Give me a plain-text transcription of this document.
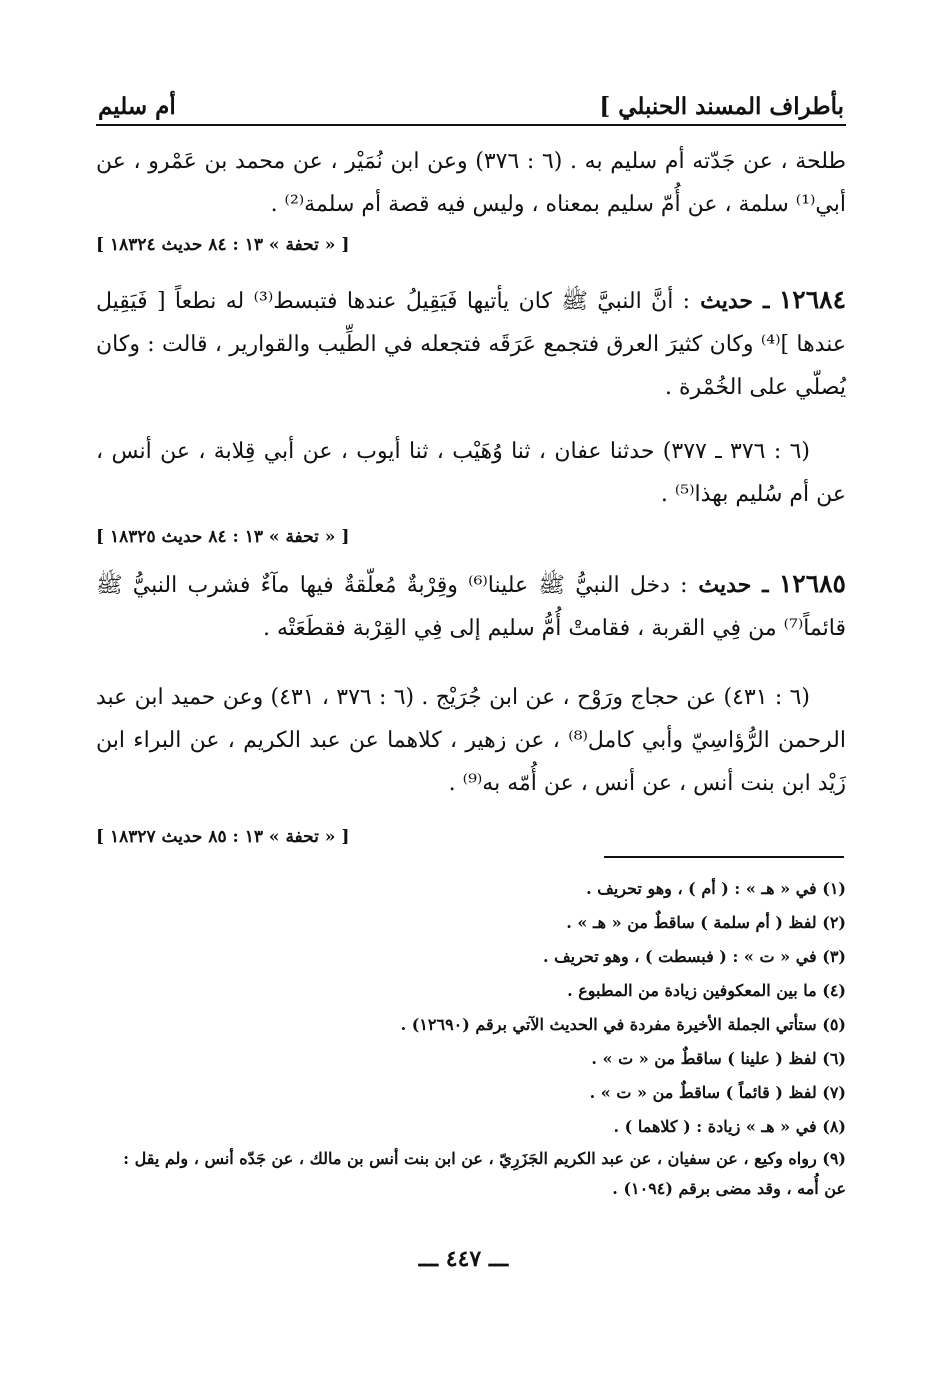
بأطراف المسند الحنبلي ]
أم سليم

طلحة ، عن جَدّته أم سليم به . (٦ : ٣٧٦) وعن ابن نُمَيْر ، عن محمد بن عَمْرو ، عن أبي⁽¹⁾ سلمة ، عن أُمّ سليم بمعناه ، وليس فيه قصة أم سلمة⁽²⁾ .

[ « تحفة » ١٣ : ٨٤ حديث ١٨٣٢٤ ]

١٢٦٨٤ ـ حديث : أنَّ النبيَّ ﷺ كان يأتيها فَيَقِيلُ عندها فتبسط⁽³⁾ له نطعاً [ فَيَقِيل عندها ]⁽⁴⁾ وكان كثيرَ العرق فتجمع عَرَقَه فتجعله في الطِّيب والقوارير ، قالت : وكان يُصلّي على الخُمْرة .

(٦ : ٣٧٦ ـ ٣٧٧) حدثنا عفان ، ثنا وُهَيْب ، ثنا أيوب ، عن أبي قِلابة ، عن أنس ، عن أم سُليم بهذا⁽⁵⁾ .

[ « تحفة » ١٣ : ٨٤ حديث ١٨٣٢٥ ]

١٢٦٨٥ ـ حديث : دخل النبيُّ ﷺ علينا⁽⁶⁾ وقِرْبةٌ مُعلّقةٌ فيها مآءٌ فشرب النبيُّ ﷺ قائماً⁽⁷⁾ من فِي القربة ، فقامتْ أُمُّ سليم إلى فِي القِرْبة فقطَعَتْه .

(٦ : ٤٣١) عن حجاج ورَوْح ، عن ابن جُرَيْج . (٦ : ٣٧٦ ، ٤٣١) وعن حميد ابن عبد الرحمن الرُّؤاسِيّ وأبي كامل⁽⁸⁾ ، عن زهير ، كلاهما عن عبد الكريم ، عن البراء ابن زَيْد ابن بنت أنس ، عن أنس ، عن أُمّه به⁽⁹⁾ .

[ « تحفة » ١٣ : ٨٥ حديث ١٨٣٢٧ ]

(١) في « هـ » : ( أم ) ، وهو تحريف .

(٢) لفظ ( أم سلمة ) ساقطٌ من « هـ » .

(٣) في « ت » : ( فبسطت ) ، وهو تحريف .

(٤) ما بين المعكوفين زيادة من المطبوع .

(٥) ستأتي الجملة الأخيرة مفردة في الحديث الآتي برقم (١٢٦٩٠) .

(٦) لفظ ( علينا ) ساقطٌ من « ت » .

(٧) لفظ ( قائماً ) ساقطٌ من « ت » .

(٨) في « هـ » زيادة : ( كلاهما ) .

(٩) رواه وكيع ، عن سفيان ، عن عبد الكريم الجَزَرِيّ ، عن ابن بنت أنس بن مالك ، عن جَدّه أنس ، ولم يقل : عن أُمه ، وقد مضى برقم (١٠٩٤) .

ـــ ٤٤٧ ـــ
